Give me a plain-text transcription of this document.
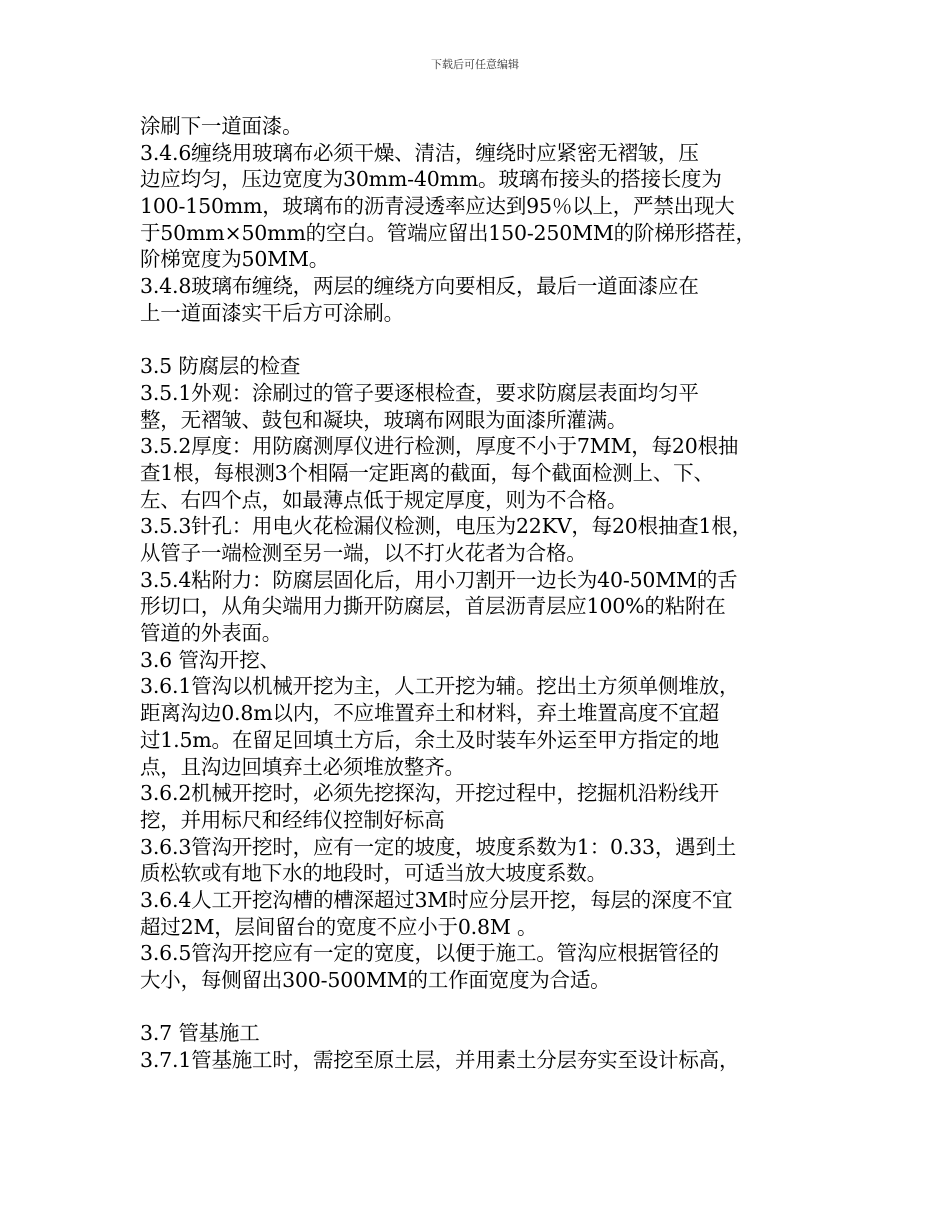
下载后可任意编辑
涂刷下一道面漆。
3.4.6缠绕用玻璃布必须干燥、清洁，缠绕时应紧密无褶皱，压
边应均匀，压边宽度为30mm-40mm。玻璃布接头的搭接长度为
100-150mm，玻璃布的沥青浸透率应达到95％以上，严禁出现大
于50mm×50mm的空白。管端应留出150-250MM的阶梯形搭茬，
阶梯宽度为50MM。
3.4.8玻璃布缠绕，两层的缠绕方向要相反，最后一道面漆应在
上一道面漆实干后方可涂刷。
3.5 防腐层的检查
3.5.1外观：涂刷过的管子要逐根检查，要求防腐层表面均匀平
整，无褶皱、鼓包和凝块，玻璃布网眼为面漆所灌满。
3.5.2厚度：用防腐测厚仪进行检测，厚度不小于7MM，每20根抽
查1根，每根测3个相隔一定距离的截面，每个截面检测上、下、
左、右四个点，如最薄点低于规定厚度，则为不合格。
3.5.3针孔：用电火花检漏仪检测，电压为22KV，每20根抽查1根，
从管子一端检测至另一端，以不打火花者为合格。
3.5.4粘附力：防腐层固化后，用小刀割开一边长为40-50MM的舌
形切口，从角尖端用力撕开防腐层，首层沥青层应100%的粘附在
管道的外表面。
3.6 管沟开挖、
3.6.1管沟以机械开挖为主，人工开挖为辅。挖出土方须单侧堆放，
距离沟边0.8m以内，不应堆置弃土和材料，弃土堆置高度不宜超
过1.5m。在留足回填土方后，余土及时装车外运至甲方指定的地
点，且沟边回填弃土必须堆放整齐。
3.6.2机械开挖时，必须先挖探沟，开挖过程中，挖掘机沿粉线开
挖，并用标尺和经纬仪控制好标高
3.6.3管沟开挖时，应有一定的坡度，坡度系数为1：0.33，遇到土
质松软或有地下水的地段时，可适当放大坡度系数。
3.6.4人工开挖沟槽的槽深超过3M时应分层开挖，每层的深度不宜
超过2M，层间留台的宽度不应小于0.8M 。
3.6.5管沟开挖应有一定的宽度，以便于施工。管沟应根据管径的
大小，每侧留出300-500MM的工作面宽度为合适。
3.7 管基施工
3.7.1管基施工时，需挖至原土层，并用素土分层夯实至设计标高，
